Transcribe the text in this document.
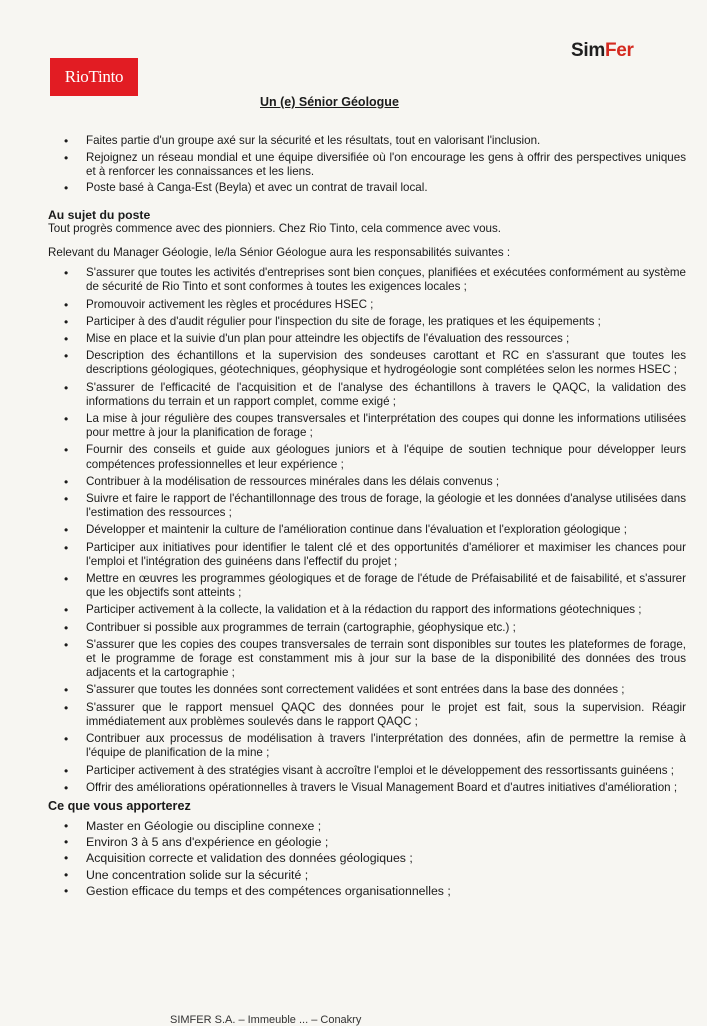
RioTinto
SimFer
Un (e) Sénior Géologue
• Faites partie d'un groupe axé sur la sécurité et les résultats, tout en valorisant l'inclusion.
• Rejoignez un réseau mondial et une équipe diversifiée où l'on encourage les gens à offrir des perspectives uniques et à renforcer les connaissances et les liens.
• Poste basé à Canga-Est (Beyla) et avec un contrat de travail local.

Au sujet du poste

Tout progrès commence avec des pionniers. Chez Rio Tinto, cela commence avec vous.

Relevant du Manager Géologie, le/la Sénior Géologue aura les responsabilités suivantes :

• S'assurer que toutes les activités d'entreprises sont bien conçues, planifiées et exécutées conformément au système de sécurité de Rio Tinto et sont conformes à toutes les exigences locales ;
• Promouvoir activement les règles et procédures HSEC ;
• Participer à des d'audit régulier pour l'inspection du site de forage, les pratiques et les équipements ;
• Mise en place et la suivie d'un plan pour atteindre les objectifs de l'évaluation des ressources ;
• Description des échantillons et la supervision des sondeuses carottant et RC en s'assurant que toutes les descriptions géologiques, géotechniques, géophysique et hydrogéologie sont complétées selon les normes HSEC ;
• S'assurer de l'efficacité de l'acquisition et de l'analyse des échantillons à travers le QAQC, la validation des informations du terrain et un rapport complet, comme exigé ;
• La mise à jour régulière des coupes transversales et l'interprétation des coupes qui donne les informations utilisées pour mettre à jour la planification de forage ;
• Fournir des conseils et guide aux géologues juniors et à l'équipe de soutien technique pour développer leurs compétences professionnelles et leur expérience ;
• Contribuer à la modélisation de ressources minérales dans les délais convenus ;
• Suivre et faire le rapport de l'échantillonnage des trous de forage, la géologie et les données d'analyse utilisées dans l'estimation des ressources ;
• Développer et maintenir la culture de l'amélioration continue dans l'évaluation et l'exploration géologique ;
• Participer aux initiatives pour identifier le talent clé et des opportunités d'améliorer et maximiser les chances pour l'emploi et l'intégration des guinéens dans l'effectif du projet ;
• Mettre en œuvres les programmes géologiques et de forage de l'étude de Préfaisabilité et de faisabilité, et s'assurer que les objectifs sont atteints ;
• Participer activement à la collecte, la validation et à la rédaction du rapport des informations géotechniques ;
• Contribuer si possible aux programmes de terrain (cartographie, géophysique etc.) ;
• S'assurer que les copies des coupes transversales de terrain sont disponibles sur toutes les plateformes de forage, et le programme de forage est constamment mis à jour sur la base de la disponibilité des données des trous adjacents et la cartographie ;
• S'assurer que toutes les données sont correctement validées et sont entrées dans la base des données ;
• S'assurer que le rapport mensuel QAQC des données pour le projet est fait, sous la supervision. Réagir immédiatement aux problèmes soulevés dans le rapport QAQC ;
• Contribuer aux processus de modélisation à travers l'interprétation des données, afin de permettre la remise à l'équipe de planification de la mine ;
• Participer activement à des stratégies visant à accroître l'emploi et le développement des ressortissants guinéens ;
• Offrir des améliorations opérationnelles à travers le Visual Management Board et d'autres initiatives d'amélioration ;

Ce que vous apporterez

• Master en Géologie ou discipline connexe ;
• Environ 3 à 5 ans d'expérience en géologie ;
• Acquisition correcte et validation des données géologiques ;
• Une concentration solide sur la sécurité ;
• Gestion efficace du temps et des compétences organisationnelles ;
SIMFER S.A. – Immeuble ... – Conakry
